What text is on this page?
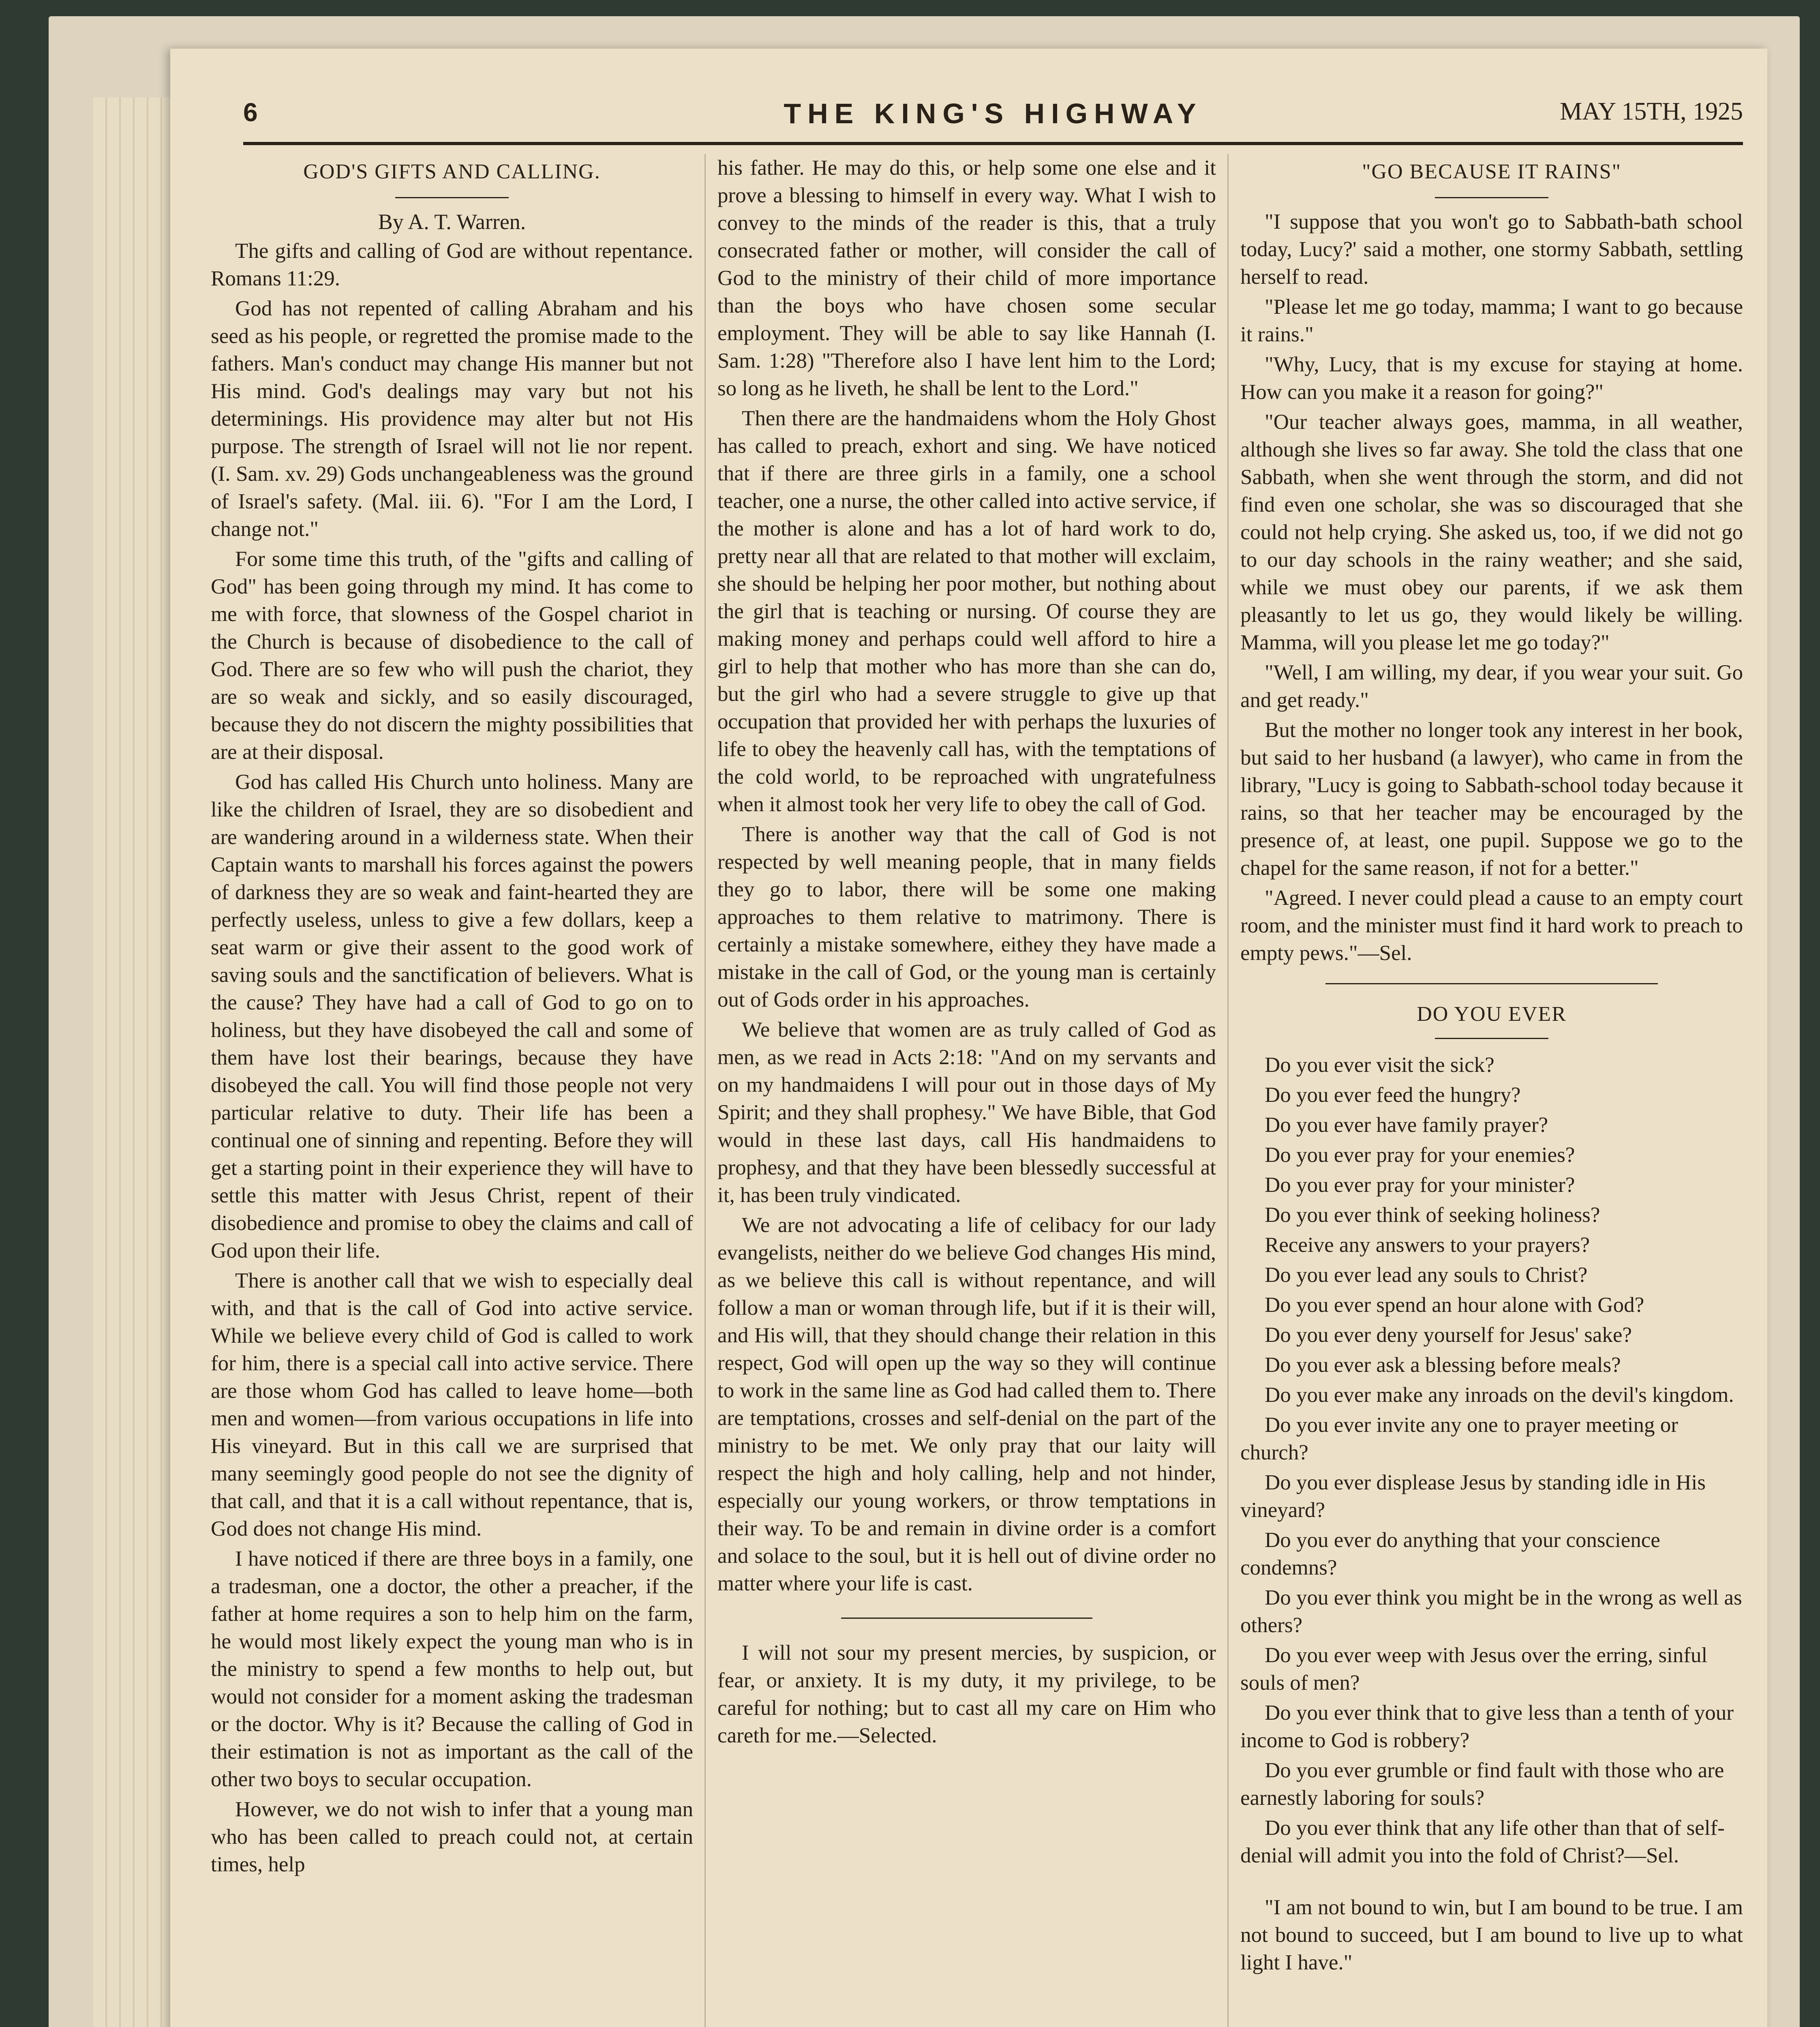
6	THE KING'S HIGHWAY	MAY 15TH, 1925
GOD'S GIFTS AND CALLING.
By A. T. Warren.

The gifts and calling of God are without repentance. Romans 11:29.

God has not repented of calling Abraham and his seed as his people, or regretted the promise made to the fathers. Man's conduct may change His manner but not His mind. God's dealings may vary but not his determinings. His providence may alter but not His purpose. The strength of Israel will not lie nor repent. (I. Sam. xv. 29) Gods unchangeableness was the ground of Israel's safety. (Mal. iii. 6). "For I am the Lord, I change not."

For some time this truth, of the "gifts and calling of God" has been going through my mind. It has come to me with force, that slowness of the Gospel chariot in the Church is because of disobedience to the call of God. There are so few who will push the chariot, they are so weak and sickly, and so easily discouraged, because they do not discern the mighty possibilities that are at their disposal.

God has called His Church unto holiness. Many are like the children of Israel, they are so disobedient and are wandering around in a wilderness state. When their Captain wants to marshall his forces against the powers of darkness they are so weak and faint-hearted they are perfectly useless, unless to give a few dollars, keep a seat warm or give their assent to the good work of saving souls and the sanctification of believers. What is the cause? They have had a call of God to go on to holiness, but they have disobeyed the call and some of them have lost their bearings, because they have disobeyed the call. You will find those people not very particular relative to duty. Their life has been a continual one of sinning and repenting. Before they will get a starting point in their experience they will have to settle this matter with Jesus Christ, repent of their disobedience and promise to obey the claims and call of God upon their life.

There is another call that we wish to especially deal with, and that is the call of God into active service. While we believe every child of God is called to work for him, there is a special call into active service. There are those whom God has called to leave home—both men and women—from various occupations in life into His vineyard. But in this call we are surprised that many seemingly good people do not see the dignity of that call, and that it is a call without repentance, that is, God does not change His mind.

I have noticed if there are three boys in a family, one a tradesman, one a doctor, the other a preacher, if the father at home requires a son to help him on the farm, he would most likely expect the young man who is in the ministry to spend a few months to help out, but would not consider for a moment asking the tradesman or the doctor. Why is it? Because the calling of God in their estimation is not as important as the call of the other two boys to secular occupation.

However, we do not wish to infer that a young man who has been called to preach could not, at certain times, help

his father. He may do this, or help some one else and it prove a blessing to himself in every way. What I wish to convey to the minds of the reader is this, that a truly consecrated father or mother, will consider the call of God to the ministry of their child of more importance than the boys who have chosen some secular employment. They will be able to say like Hannah (I. Sam. 1:28) "Therefore also I have lent him to the Lord; so long as he liveth, he shall be lent to the Lord."

Then there are the handmaidens whom the Holy Ghost has called to preach, exhort and sing. We have noticed that if there are three girls in a family, one a school teacher, one a nurse, the other called into active service, if the mother is alone and has a lot of hard work to do, pretty near all that are related to that mother will exclaim, she should be helping her poor mother, but nothing about the girl that is teaching or nursing. Of course they are making money and perhaps could well afford to hire a girl to help that mother who has more than she can do, but the girl who had a severe struggle to give up that occupation that provided her with perhaps the luxuries of life to obey the heavenly call has, with the temptations of the cold world, to be reproached with ungratefulness when it almost took her very life to obey the call of God.

There is another way that the call of God is not respected by well meaning people, that in many fields they go to labor, there will be some one making approaches to them relative to matrimony. There is certainly a mistake somewhere, eithey they have made a mistake in the call of God, or the young man is certainly out of Gods order in his approaches.

We believe that women are as truly called of God as men, as we read in Acts 2:18: "And on my servants and on my handmaidens I will pour out in those days of My Spirit; and they shall prophesy." We have Bible, that God would in these last days, call His handmaidens to prophesy, and that they have been blessedly successful at it, has been truly vindicated.

We are not advocating a life of celibacy for our lady evangelists, neither do we believe God changes His mind, as we believe this call is without repentance, and will follow a man or woman through life, but if it is their will, and His will, that they should change their relation in this respect, God will open up the way so they will continue to work in the same line as God had called them to. There are temptations, crosses and self-denial on the part of the ministry to be met. We only pray that our laity will respect the high and holy calling, help and not hinder, especially our young workers, or throw temptations in their way. To be and remain in divine order is a comfort and solace to the soul, but it is hell out of divine order no matter where your life is cast.

I will not sour my present mercies, by suspicion, or fear, or anxiety. It is my duty, it my privilege, to be careful for nothing; but to cast all my care on Him who careth for me.—Selected.

"GO BECAUSE IT RAINS"

"I suppose that you won't go to Sabbath-bath school today, Lucy?' said a mother, one stormy Sabbath, settling herself to read.

"Please let me go today, mamma; I want to go because it rains."

"Why, Lucy, that is my excuse for staying at home. How can you make it a reason for going?"

"Our teacher always goes, mamma, in all weather, although she lives so far away. She told the class that one Sabbath, when she went through the storm, and did not find even one scholar, she was so discouraged that she could not help crying. She asked us, too, if we did not go to our day schools in the rainy weather; and she said, while we must obey our parents, if we ask them pleasantly to let us go, they would likely be willing. Mamma, will you please let me go today?"

"Well, I am willing, my dear, if you wear your suit. Go and get ready."

But the mother no longer took any interest in her book, but said to her husband (a lawyer), who came in from the library, "Lucy is going to Sabbath-school today because it rains, so that her teacher may be encouraged by the presence of, at least, one pupil. Suppose we go to the chapel for the same reason, if not for a better."

"Agreed. I never could plead a cause to an empty court room, and the minister must find it hard work to preach to empty pews."—Sel.

DO YOU EVER
Do you ever visit the sick?
Do you ever feed the hungry?
Do you ever have family prayer?
Do you ever pray for your enemies?
Do you ever pray for your minister?
Do you ever think of seeking holiness?
Receive any answers to your prayers?
Do you ever lead any souls to Christ?
Do you ever spend an hour alone with God?
Do you ever deny yourself for Jesus' sake?
Do you ever ask a blessing before meals?
Do you ever make any inroads on the devil's kingdom.
Do you ever invite any one to prayer meeting or church?
Do you ever displease Jesus by standing idle in His vineyard?
Do you ever do anything that your conscience condemns?
Do you ever think you might be in the wrong as well as others?
Do you ever weep with Jesus over the erring, sinful souls of men?
Do you ever think that to give less than a tenth of your income to God is robbery?
Do you ever grumble or find fault with those who are earnestly laboring for souls?
Do you ever think that any life other than that of self-denial will admit you into the fold of Christ?—Sel.

"I am not bound to win, but I am bound to be true. I am not bound to succeed, but I am bound to live up to what light I have."
